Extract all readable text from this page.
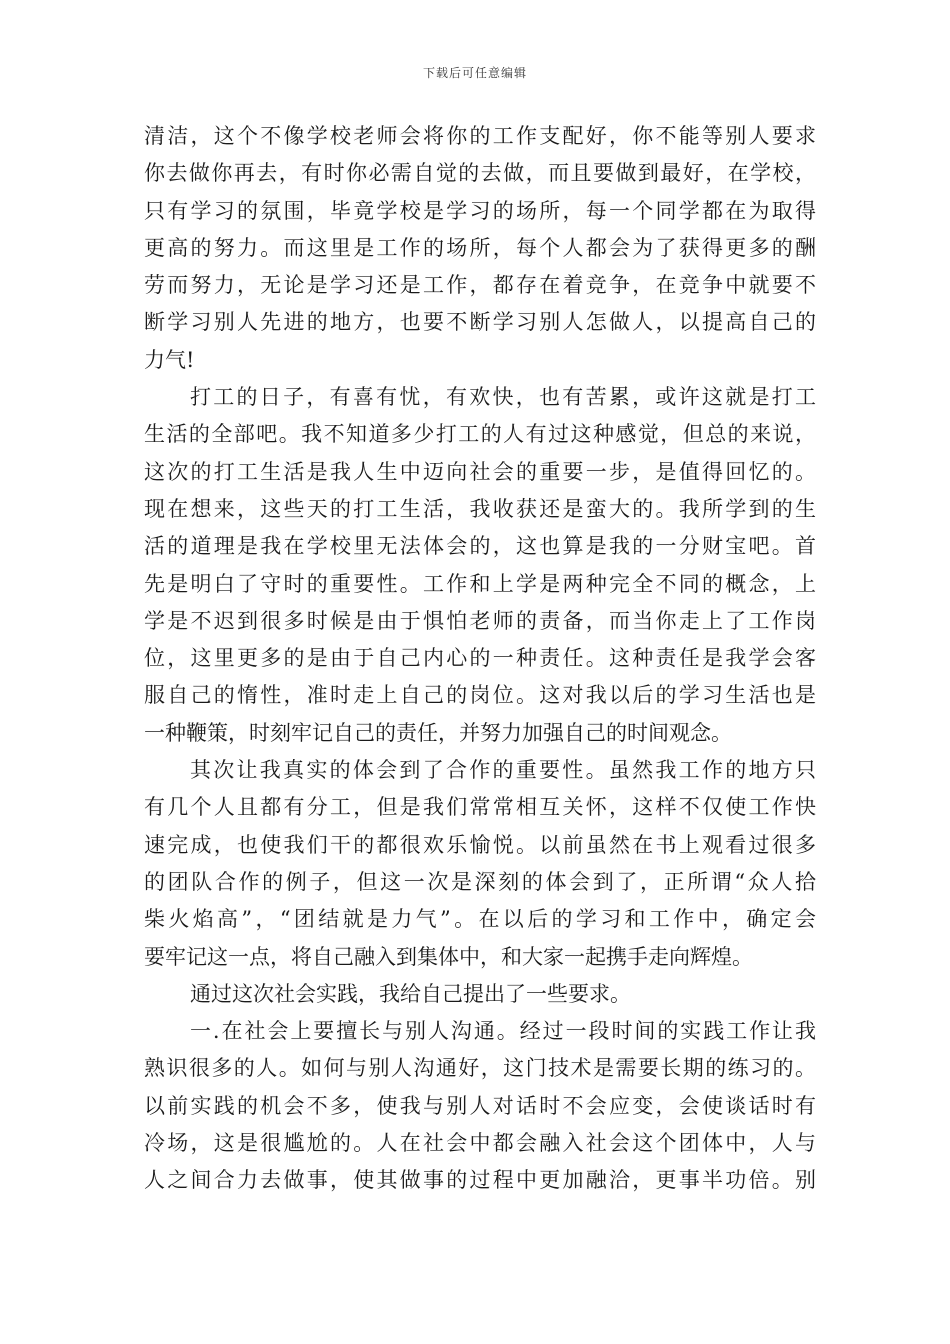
下载后可任意编辑
清洁，这个不像学校老师会将你的工作支配好，你不能等别人要求
你去做你再去，有时你必需自觉的去做，而且要做到最好，在学校，
只有学习的氛围，毕竟学校是学习的场所，每一个同学都在为取得
更高的努力。而这里是工作的场所，每个人都会为了获得更多的酬
劳而努力，无论是学习还是工作，都存在着竞争，在竞争中就要不
断学习别人先进的地方，也要不断学习别人怎做人，以提高自己的
力气!
打工的日子，有喜有忧，有欢快，也有苦累，或许这就是打工
生活的全部吧。我不知道多少打工的人有过这种感觉，但总的来说，
这次的打工生活是我人生中迈向社会的重要一步，是值得回忆的。
现在想来，这些天的打工生活，我收获还是蛮大的。我所学到的生
活的道理是我在学校里无法体会的，这也算是我的一分财宝吧。首
先是明白了守时的重要性。工作和上学是两种完全不同的概念，上
学是不迟到很多时候是由于惧怕老师的责备，而当你走上了工作岗
位，这里更多的是由于自己内心的一种责任。这种责任是我学会客
服自己的惰性，准时走上自己的岗位。这对我以后的学习生活也是
一种鞭策，时刻牢记自己的责任，并努力加强自己的时间观念。
其次让我真实的体会到了合作的重要性。虽然我工作的地方只
有几个人且都有分工，但是我们常常相互关怀，这样不仅使工作快
速完成，也使我们干的都很欢乐愉悦。以前虽然在书上观看过很多
的团队合作的例子，但这一次是深刻的体会到了，正所谓“众人拾
柴火焰高”，“团结就是力气”。在以后的学习和工作中，确定会
要牢记这一点，将自己融入到集体中，和大家一起携手走向辉煌。
通过这次社会实践，我给自己提出了一些要求。
一.在社会上要擅长与别人沟通。经过一段时间的实践工作让我
熟识很多的人。如何与别人沟通好，这门技术是需要长期的练习的。
以前实践的机会不多，使我与别人对话时不会应变，会使谈话时有
冷场，这是很尴尬的。人在社会中都会融入社会这个团体中，人与
人之间合力去做事，使其做事的过程中更加融洽，更事半功倍。别
